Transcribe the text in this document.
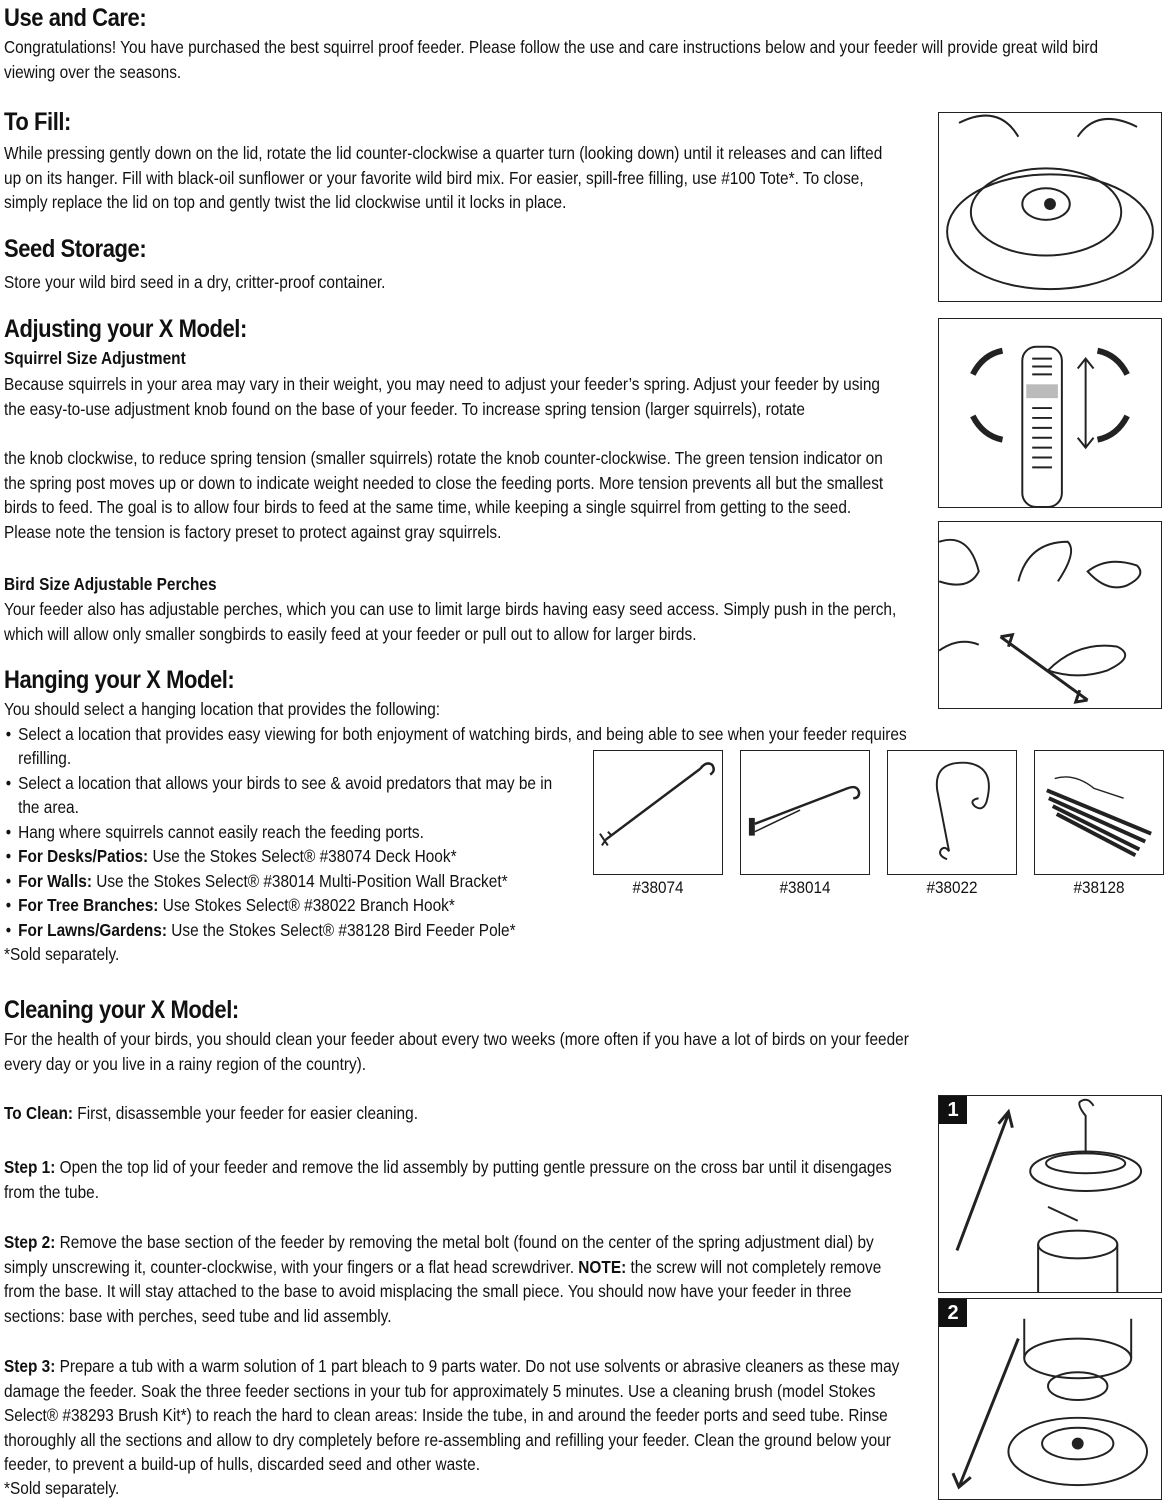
Use and Care:
Congratulations! You have purchased the best squirrel proof feeder. Please follow the use and care instructions below and your feeder will provide great wild bird viewing over the seasons.
To Fill:
While pressing gently down on the lid, rotate the lid counter-clockwise a quarter turn (looking down) until it releases and can lifted up on its hanger. Fill with black-oil sunflower or your favorite wild bird mix. For easier, spill-free filling, use #100 Tote*. To close, simply replace the lid on top and gently twist the lid clockwise until it locks in place.
Seed Storage:
Store your wild bird seed in a dry, critter-proof container.
Adjusting your X Model:
Squirrel Size Adjustment
Because squirrels in your area may vary in their weight, you may need to adjust your feeder’s spring. Adjust your feeder by using the easy-to-use adjustment knob found on the base of your feeder. To increase spring tension (larger squirrels), rotate
the knob clockwise, to reduce spring tension (smaller squirrels) rotate the knob counter-clockwise. The green tension indicator on the spring post moves up or down to indicate weight needed to close the feeding ports. More tension prevents all but the smallest birds to feed. The goal is to allow four birds to feed at the same time, while keeping a single squirrel from getting to the seed. Please note the tension is factory preset to protect against gray squirrels.
Bird Size Adjustable Perches
Your feeder also has adjustable perches, which you can use to limit large birds having easy seed access. Simply push in the perch, which will allow only smaller songbirds to easily feed at your feeder or pull out to allow for larger birds.
Hanging your X Model:
You should select a hanging location that provides the following:
• Select a location that provides easy viewing for both enjoyment of watching birds, and being able to see when your feeder requires refilling.
• Select a location that allows your birds to see & avoid predators that may be in the area.
• Hang where squirrels cannot easily reach the feeding ports.
• For Desks/Patios: Use the Stokes Select® #38074 Deck Hook*
• For Walls: Use the Stokes Select® #38014 Multi-Position Wall Bracket*
• For Tree Branches: Use Stokes Select® #38022 Branch Hook*
• For Lawns/Gardens: Use the Stokes Select® #38128 Bird Feeder Pole*
*Sold separately.
#38074	#38014	#38022	#38128
Cleaning your X Model:
For the health of your birds, you should clean your feeder about every two weeks (more often if you have a lot of birds on your feeder every day or you live in a rainy region of the country).
To Clean: First, disassemble your feeder for easier cleaning.
Step 1: Open the top lid of your feeder and remove the lid assembly by putting gentle pressure on the cross bar until it disengages from the tube.
Step 2: Remove the base section of the feeder by removing the metal bolt (found on the center of the spring adjustment dial) by simply unscrewing it, counter-clockwise, with your fingers or a flat head screwdriver. NOTE: the screw will not completely remove from the base. It will stay attached to the base to avoid misplacing the small piece. You should now have your feeder in three sections: base with perches, seed tube and lid assembly.
Step 3: Prepare a tub with a warm solution of 1 part bleach to 9 parts water. Do not use solvents or abrasive cleaners as these may damage the feeder. Soak the three feeder sections in your tub for approximately 5 minutes. Use a cleaning brush (model Stokes Select® #38293 Brush Kit*) to reach the hard to clean areas: Inside the tube, in and around the feeder ports and seed tube. Rinse thoroughly all the sections and allow to dry completely before re-assembling and refilling your feeder. Clean the ground below your feeder, to prevent a build-up of hulls, discarded seed and other waste.
*Sold separately.
1
2
